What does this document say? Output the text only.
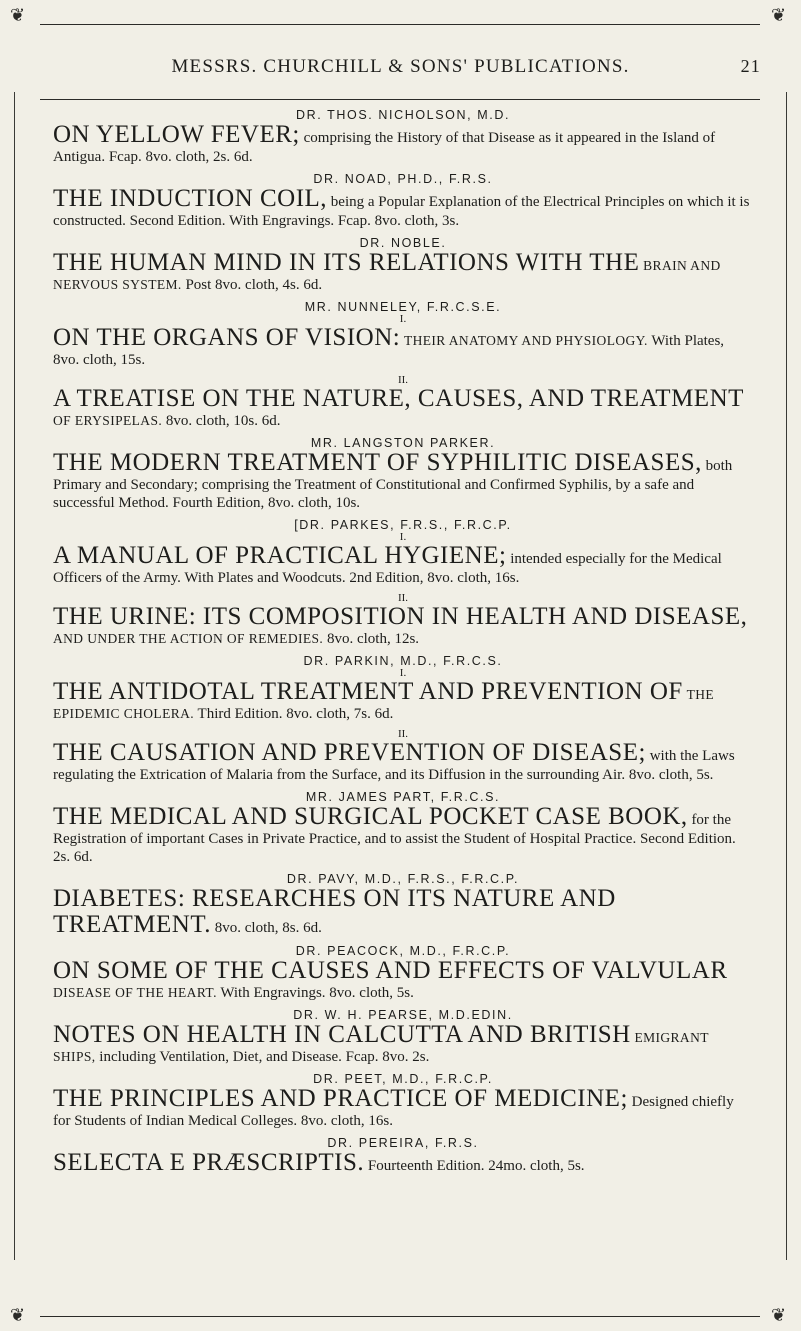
❦	❦
❦	❦
MESSRS. CHURCHILL & SONS' PUBLICATIONS.	21

DR. THOS. NICHOLSON, M.D.

ON YELLOW FEVER; comprising the History of that Disease as it appeared in the Island of Antigua. Fcap. 8vo. cloth, 2s. 6d.

DR. NOAD, PH.D., F.R.S.

THE INDUCTION COIL, being a Popular Explanation of the Electrical Principles on which it is constructed. Second Edition. With Engravings. Fcap. 8vo. cloth, 3s.

DR. NOBLE.

THE HUMAN MIND IN ITS RELATIONS WITH THE BRAIN AND NERVOUS SYSTEM. Post 8vo. cloth, 4s. 6d.

MR. NUNNELEY, F.R.C.S.E.

I.

ON THE ORGANS OF VISION: THEIR ANATOMY AND PHYSIOLOGY. With Plates, 8vo. cloth, 15s.

II.

A TREATISE ON THE NATURE, CAUSES, AND TREATMENT OF ERYSIPELAS. 8vo. cloth, 10s. 6d.

MR. LANGSTON PARKER.

THE MODERN TREATMENT OF SYPHILITIC DISEASES, both Primary and Secondary; comprising the Treatment of Constitutional and Confirmed Syphilis, by a safe and successful Method. Fourth Edition, 8vo. cloth, 10s.

[DR. PARKES, F.R.S., F.R.C.P.

I.

A MANUAL OF PRACTICAL HYGIENE; intended especially for the Medical Officers of the Army. With Plates and Woodcuts. 2nd Edition, 8vo. cloth, 16s.

II.

THE URINE: ITS COMPOSITION IN HEALTH AND DISEASE, AND UNDER THE ACTION OF REMEDIES. 8vo. cloth, 12s.

DR. PARKIN, M.D., F.R.C.S.

I.

THE ANTIDOTAL TREATMENT AND PREVENTION OF THE EPIDEMIC CHOLERA. Third Edition. 8vo. cloth, 7s. 6d.

II.

THE CAUSATION AND PREVENTION OF DISEASE; with the Laws regulating the Extrication of Malaria from the Surface, and its Diffusion in the surrounding Air. 8vo. cloth, 5s.

MR. JAMES PART, F.R.C.S.

THE MEDICAL AND SURGICAL POCKET CASE BOOK, for the Registration of important Cases in Private Practice, and to assist the Student of Hospital Practice. Second Edition. 2s. 6d.

DR. PAVY, M.D., F.R.S., F.R.C.P.

DIABETES: RESEARCHES ON ITS NATURE AND TREATMENT. 8vo. cloth, 8s. 6d.

DR. PEACOCK, M.D., F.R.C.P.

ON SOME OF THE CAUSES AND EFFECTS OF VALVULAR DISEASE OF THE HEART. With Engravings. 8vo. cloth, 5s.

DR. W. H. PEARSE, M.D.EDIN.

NOTES ON HEALTH IN CALCUTTA AND BRITISH EMIGRANT SHIPS, including Ventilation, Diet, and Disease. Fcap. 8vo. 2s.

DR. PEET, M.D., F.R.C.P.

THE PRINCIPLES AND PRACTICE OF MEDICINE; Designed chiefly for Students of Indian Medical Colleges. 8vo. cloth, 16s.

DR. PEREIRA, F.R.S.

SELECTA E PRÆSCRIPTIS. Fourteenth Edition. 24mo. cloth, 5s.
